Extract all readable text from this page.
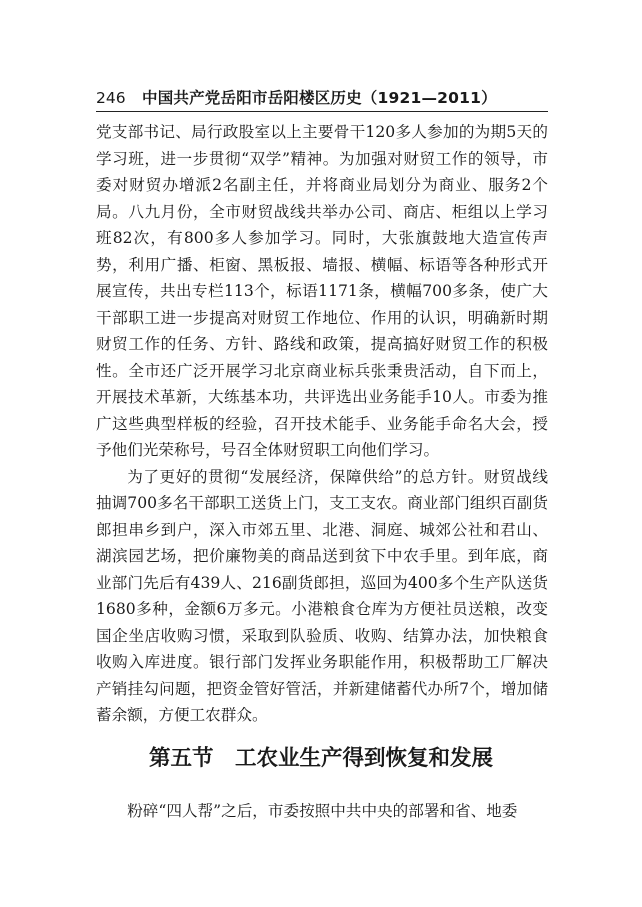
246 中国共产党岳阳市岳阳楼区历史（1921—2011）

党支部书记、局行政股室以上主要骨干120多人参加的为期5天的学习班，进一步贯彻“双学”精神。为加强对财贸工作的领导，市委对财贸办增派2名副主任，并将商业局划分为商业、服务2个局。八九月份，全市财贸战线共举办公司、商店、柜组以上学习班82次，有800多人参加学习。同时，大张旗鼓地大造宣传声势，利用广播、柜窗、黑板报、墙报、横幅、标语等各种形式开展宣传，共出专栏113个，标语1171条，横幅700多条，使广大干部职工进一步提高对财贸工作地位、作用的认识，明确新时期财贸工作的任务、方针、路线和政策，提高搞好财贸工作的积极性。全市还广泛开展学习北京商业标兵张秉贵活动，自下而上，开展技术革新，大练基本功，共评选出业务能手10人。市委为推广这些典型样板的经验，召开技术能手、业务能手命名大会，授予他们光荣称号，号召全体财贸职工向他们学习。

为了更好的贯彻“发展经济，保障供给”的总方针。财贸战线抽调700多名干部职工送货上门，支工支农。商业部门组织百副货郎担串乡到户，深入市郊五里、北港、洞庭、城郊公社和君山、湖滨园艺场，把价廉物美的商品送到贫下中农手里。到年底，商业部门先后有439人、216副货郎担，巡回为400多个生产队送货1680多种，金额6万多元。小港粮食仓库为方便社员送粮，改变国企坐店收购习惯，采取到队验质、收购、结算办法，加快粮食收购入库进度。银行部门发挥业务职能作用，积极帮助工厂解决产销挂勾问题，把资金管好管活，并新建储蓄代办所7个，增加储蓄余额，方便工农群众。

第五节　工农业生产得到恢复和发展

粉碎“四人帮”之后，市委按照中共中央的部署和省、地委
